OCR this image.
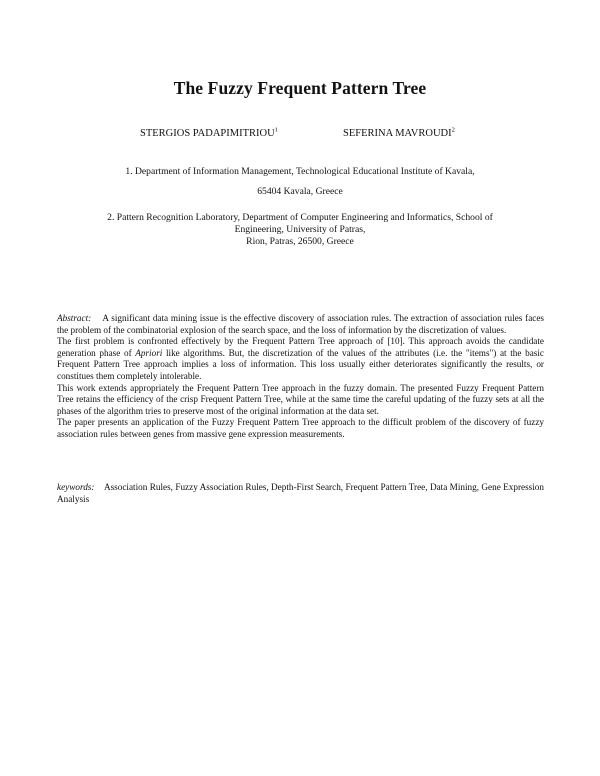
The Fuzzy Frequent Pattern Tree
STERGIOS PADAPIMITRIOU$^1$	SEFERINA MAVROUDI$^2$
1. Department of Information Management, Technological Educational Institute of Kavala,
65404 Kavala, Greece
2. Pattern Recognition Laboratory, Department of Computer Engineering and Informatics, School of
Engineering, University of Patras,
Rion, Patras, 26500, Greece

Abstract: A significant data mining issue is the effective discovery of association rules. The extraction of association rules faces the problem of the combinatorial explosion of the search space, and the loss of information by the discretization of values.

The first problem is confronted effectively by the Frequent Pattern Tree approach of [10]. This approach avoids the candidate generation phase of Apriori like algorithms. But, the discretization of the values of the attributes (i.e. the "items") at the basic Frequent Pattern Tree approach implies a loss of information. This loss usually either deteriorates significantly the results, or constitues them completely intolerable.

This work extends appropriately the Frequent Pattern Tree approach in the fuzzy domain. The presented Fuzzy Frequent Pattern Tree retains the efficiency of the crisp Frequent Pattern Tree, while at the same time the careful updating of the fuzzy sets at all the phases of the algorithm tries to preserve most of the original information at the data set.

The paper presents an application of the Fuzzy Frequent Pattern Tree approach to the difficult problem of the discovery of fuzzy association rules between genes from massive gene expression measurements.

keywords: Association Rules, Fuzzy Association Rules, Depth-First Search, Frequent Pattern Tree, Data Mining, Gene Expression Analysis
